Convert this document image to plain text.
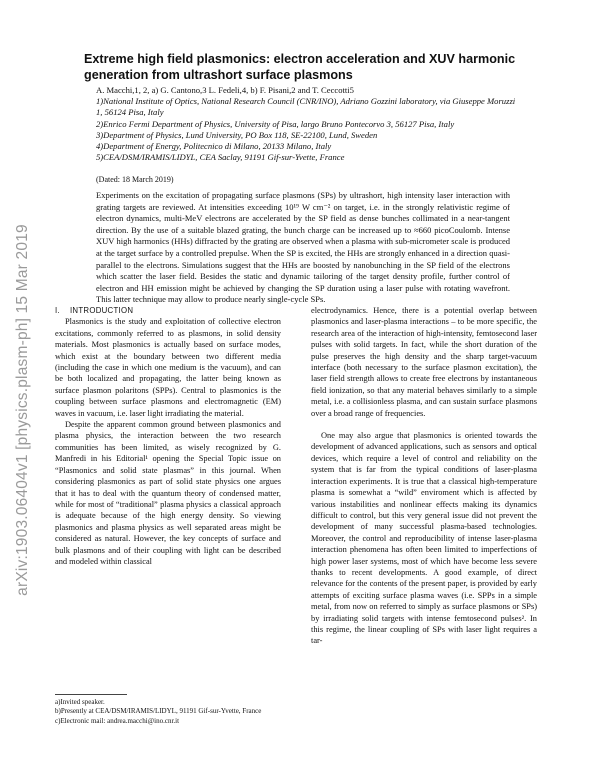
arXiv:1903.06404v1 [physics.plasm-ph] 15 Mar 2019
Extreme high field plasmonics: electron acceleration and XUV harmonic generation from ultrashort surface plasmons

A. Macchi,1, 2, a) G. Cantono,3 L. Fedeli,4, b) F. Pisani,2 and T. Ceccotti5

1)National Institute of Optics, National Research Council (CNR/INO), Adriano Gozzini laboratory, via Giuseppe Moruzzi 1, 56124 Pisa, Italy

2)Enrico Fermi Department of Physics, University of Pisa, largo Bruno Pontecorvo 3, 56127 Pisa, Italy

3)Department of Physics, Lund University, PO Box 118, SE-22100, Lund, Sweden

4)Department of Energy, Politecnico di Milano, 20133 Milano, Italy

5)CEA/DSM/IRAMIS/LIDYL, CEA Saclay, 91191 Gif-sur-Yvette, France

(Dated: 18 March 2019)

Experiments on the excitation of propagating surface plasmons (SPs) by ultrashort, high intensity laser interaction with grating targets are reviewed. At intensities exceeding 10¹⁹ W cm⁻² on target, i.e. in the strongly relativistic regime of electron dynamics, multi-MeV electrons are accelerated by the SP field as dense bunches collimated in a near-tangent direction. By the use of a suitable blazed grating, the bunch charge can be increased up to ≈660 picoCoulomb. Intense XUV high harmonics (HHs) diffracted by the grating are observed when a plasma with sub-micrometer scale is produced at the target surface by a controlled prepulse. When the SP is excited, the HHs are strongly enhanced in a direction quasi-parallel to the electrons. Simulations suggest that the HHs are boosted by nanobunching in the SP field of the electrons which scatter the laser field. Besides the static and dynamic tailoring of the target density profile, further control of electron and HH emission might be achieved by changing the SP duration using a laser pulse with rotating wavefront. This latter technique may allow to produce nearly single-cycle SPs.

I. INTRODUCTION

Plasmonics is the study and exploitation of collective electron excitations, commonly referred to as plasmons, in solid density materials. Most plasmonics is actually based on surface modes, which exist at the boundary between two different media (including the case in which one medium is the vacuum), and can be both localized and propagating, the latter being known as surface plasmon polaritons (SPPs). Central to plasmonics is the coupling between surface plasmons and electromagnetic (EM) waves in vacuum, i.e. laser light irradiating the material.

Despite the apparent common ground between plasmonics and plasma physics, the interaction between the two research communities has been limited, as wisely recognized by G. Manfredi in his Editorial¹ opening the Special Topic issue on “Plasmonics and solid state plasmas” in this journal. When considering plasmonics as part of solid state physics one argues that it has to deal with the quantum theory of condensed matter, while for most of “traditional” plasma physics a classical approach is adequate because of the high energy density. So viewing plasmonics and plasma physics as well separated areas might be considered as natural. However, the key concepts of surface and bulk plasmons and of their coupling with light can be described and modeled within classical

electrodynamics. Hence, there is a potential overlap between plasmonics and laser-plasma interactions – to be more specific, the research area of the interaction of high-intensity, femtosecond laser pulses with solid targets. In fact, while the short duration of the pulse preserves the high density and the sharp target-vacuum interface (both necessary to the surface plasmon excitation), the laser field strength allows to create free electrons by instantaneous field ionization, so that any material behaves similarly to a simple metal, i.e. a collisionless plasma, and can sustain surface plasmons over a broad range of frequencies.

One may also argue that plasmonics is oriented towards the development of advanced applications, such as sensors and optical devices, which require a level of control and reliability on the system that is far from the typical conditions of laser-plasma interaction experiments. It is true that a classical high-temperature plasma is somewhat a “wild” enviroment which is affected by various instabilities and nonlinear effects making its dynamics difficult to control, but this very general issue did not prevent the development of many successful plasma-based technologies. Moreover, the control and reproducibility of intense laser-plasma interaction phenomena has often been limited to imperfections of high power laser systems, most of which have become less severe thanks to recent developments. A good example, of direct relevance for the contents of the present paper, is provided by early attempts of exciting surface plasma waves (i.e. SPPs in a simple metal, from now on referred to simply as surface plasmons or SPs) by irradiating solid targets with intense femtosecond pulses². In this regime, the linear coupling of SPs with laser light requires a tar-

a)Invited speaker.

b)Presently at CEA/DSM/IRAMIS/LIDYL, 91191 Gif-sur-Yvette, France

c)Electronic mail: andrea.macchi@ino.cnr.it
